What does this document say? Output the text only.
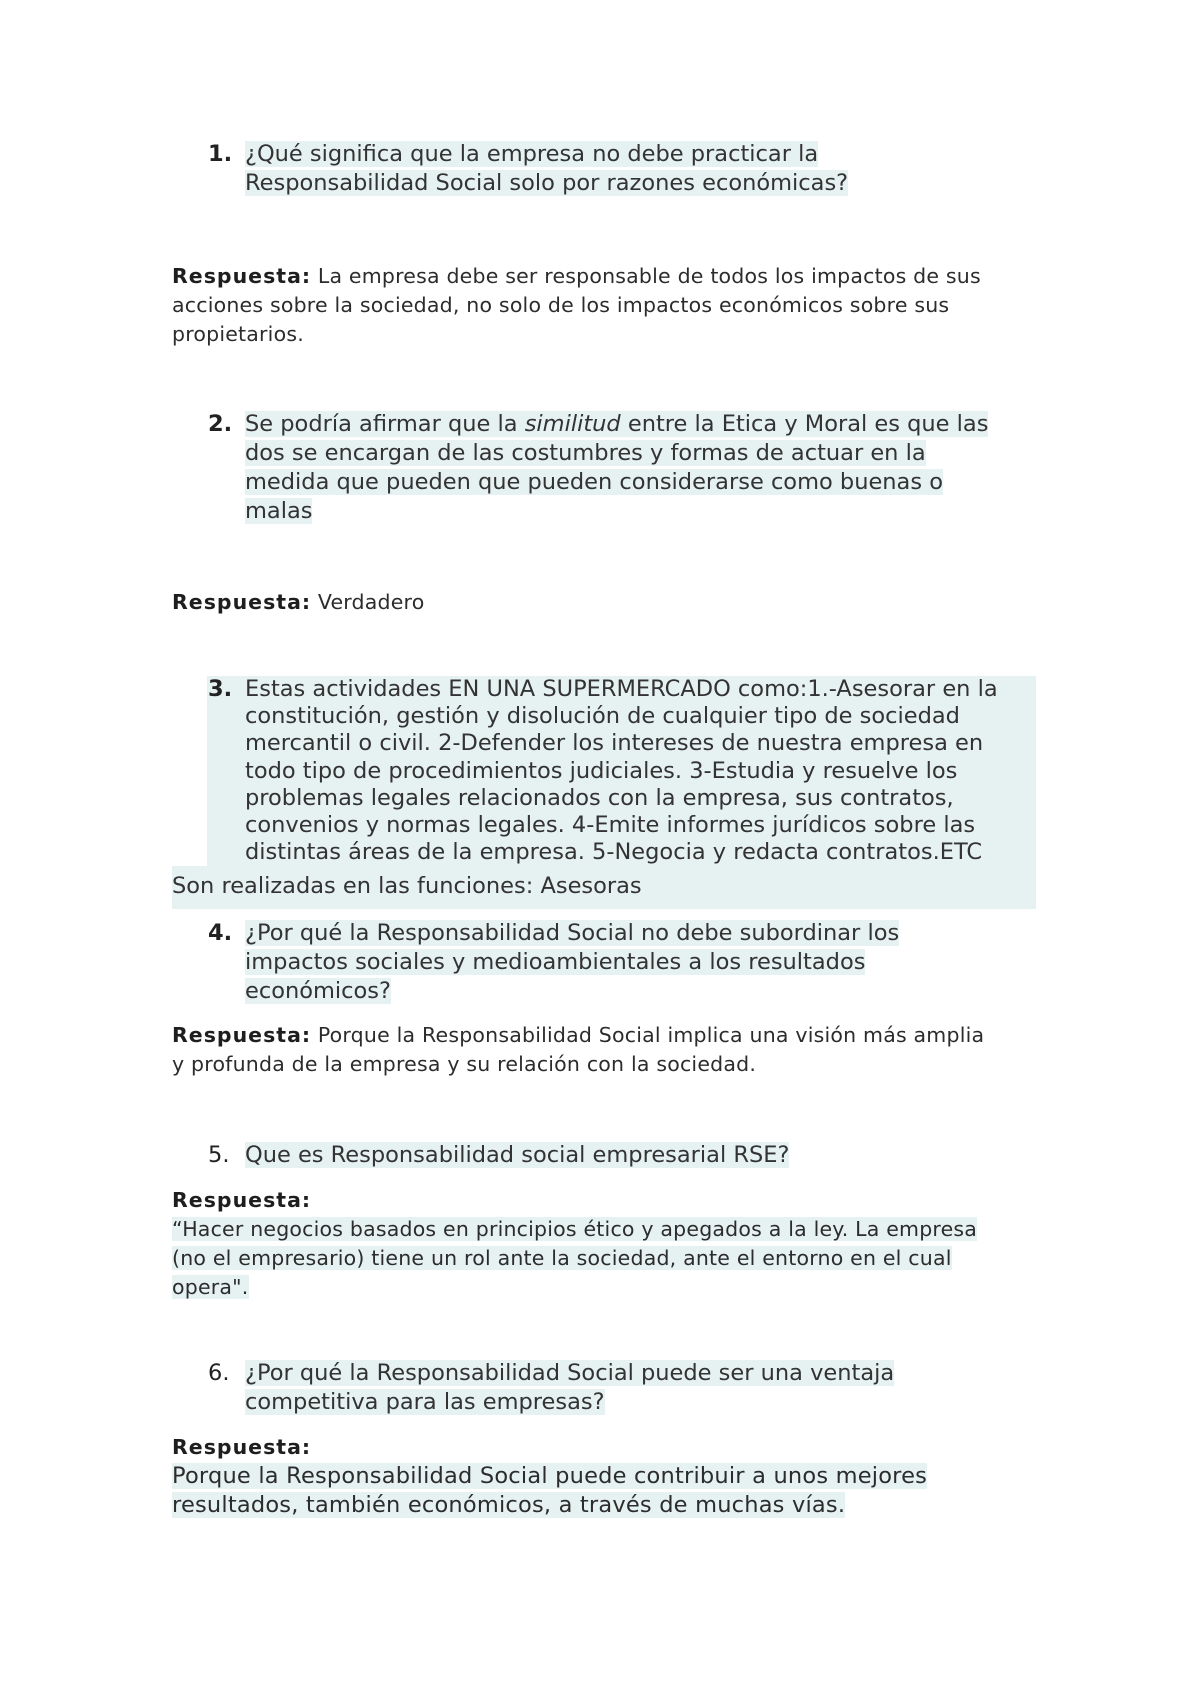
1. ¿Qué significa que la empresa no debe practicar la
Responsabilidad Social solo por razones económicas?
Respuesta: La empresa debe ser responsable de todos los impactos de sus
acciones sobre la sociedad, no solo de los impactos económicos sobre sus
propietarios.
2. Se podría afirmar que la similitud entre la Etica y Moral es que las
dos se encargan de las costumbres y formas de actuar en la
medida que pueden que pueden considerarse como buenas o
malas
Respuesta: Verdadero
3. Estas actividades EN UNA SUPERMERCADO como:1.-Asesorar en la
constitución, gestión y disolución de cualquier tipo de sociedad
mercantil o civil. 2-Defender los intereses de nuestra empresa en
todo tipo de procedimientos judiciales. 3-Estudia y resuelve los
problemas legales relacionados con la empresa, sus contratos,
convenios y normas legales. 4-Emite informes jurídicos sobre las
distintas áreas de la empresa. 5-Negocia y redacta contratos.ETC
Son realizadas en las funciones: Asesoras
4. ¿Por qué la Responsabilidad Social no debe subordinar los
impactos sociales y medioambientales a los resultados
económicos?
Respuesta: Porque la Responsabilidad Social implica una visión más amplia
y profunda de la empresa y su relación con la sociedad.
5. Que es Responsabilidad social empresarial RSE?
Respuesta:
“Hacer negocios basados en principios ético y apegados a la ley. La empresa
(no el empresario) tiene un rol ante la sociedad, ante el entorno en el cual
opera".
6. ¿Por qué la Responsabilidad Social puede ser una ventaja
competitiva para las empresas?
Respuesta:
Porque la Responsabilidad Social puede contribuir a unos mejores
resultados, también económicos, a través de muchas vías.
